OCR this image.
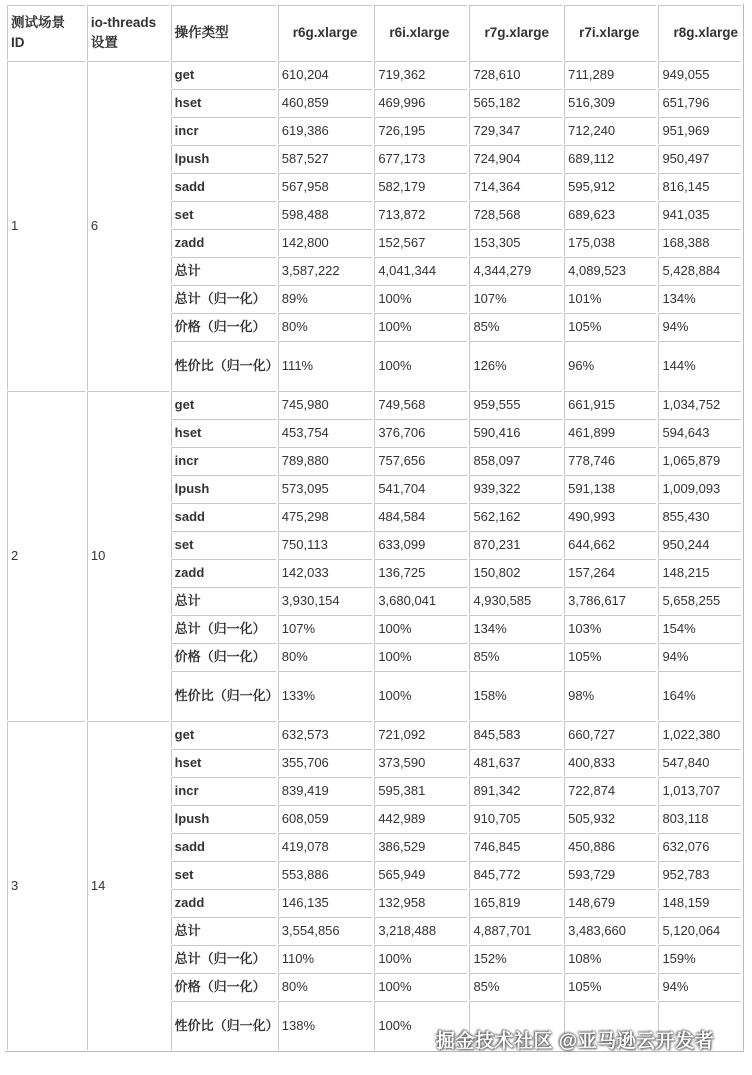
测试场景 ID	io-threads 设置	操作类型	r6g.xlarge	r6i.xlarge	r7g.xlarge	r7i.xlarge	r8g.xlarge
1	6	get	610,204	719,362	728,610	711,289	949,055
		hset	460,859	469,996	565,182	516,309	651,796
		incr	619,386	726,195	729,347	712,240	951,969
		lpush	587,527	677,173	724,904	689,112	950,497
		sadd	567,958	582,179	714,364	595,912	816,145
		set	598,488	713,872	728,568	689,623	941,035
		zadd	142,800	152,567	153,305	175,038	168,388
		总计	3,587,222	4,041,344	4,344,279	4,089,523	5,428,884
		总计（归一化）	89%	100%	107%	101%	134%
		价格（归一化）	80%	100%	85%	105%	94%
		性价比（归一化）	111%	100%	126%	96%	144%
2	10	get	745,980	749,568	959,555	661,915	1,034,752
		hset	453,754	376,706	590,416	461,899	594,643
		incr	789,880	757,656	858,097	778,746	1,065,879
		lpush	573,095	541,704	939,322	591,138	1,009,093
		sadd	475,298	484,584	562,162	490,993	855,430
		set	750,113	633,099	870,231	644,662	950,244
		zadd	142,033	136,725	150,802	157,264	148,215
		总计	3,930,154	3,680,041	4,930,585	3,786,617	5,658,255
		总计（归一化）	107%	100%	134%	103%	154%
		价格（归一化）	80%	100%	85%	105%	94%
		性价比（归一化）	133%	100%	158%	98%	164%
3	14	get	632,573	721,092	845,583	660,727	1,022,380
		hset	355,706	373,590	481,637	400,833	547,840
		incr	839,419	595,381	891,342	722,874	1,013,707
		lpush	608,059	442,989	910,705	505,932	803,118
		sadd	419,078	386,529	746,845	450,886	632,076
		set	553,886	565,949	845,772	593,729	952,783
		zadd	146,135	132,958	165,819	148,679	148,159
		总计	3,554,856	3,218,488	4,887,701	3,483,660	5,120,064
		总计（归一化）	110%	100%	152%	108%	159%
		价格（归一化）	80%	100%	85%	105%	94%
		性价比（归一化）	138%	100%			
掘金技术社区 @亚马逊云开发者
